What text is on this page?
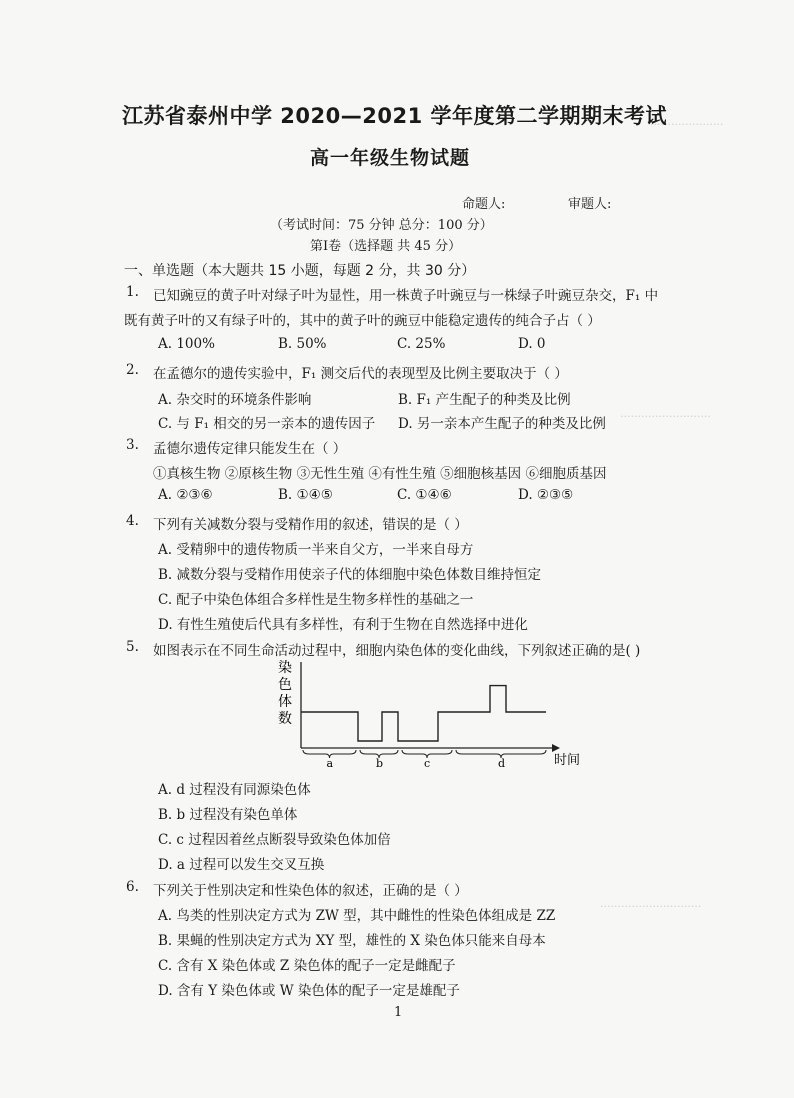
·····················
··························
·····························
江苏省泰州中学 2020—2021 学年度第二学期期末考试
高一年级生物试题
命题人:	审题人:
（考试时间：75 分钟 总分：100 分）
第Ⅰ卷（选择题 共 45 分）
一、单选题（本大题共 15 小题，每题 2 分，共 30 分）
1. 已知豌豆的黄子叶对绿子叶为显性，用一株黄子叶豌豆与一株绿子叶豌豆杂交，F₁ 中
既有黄子叶的又有绿子叶的，其中的黄子叶的豌豆中能稳定遗传的纯合子占（ ）
A. 100%	B. 50%	C. 25%	D. 0
2. 在孟德尔的遗传实验中，F₁ 测交后代的表现型及比例主要取决于（ ）
A. 杂交时的环境条件影响	B. F₁ 产生配子的种类及比例
C. 与 F₁ 相交的另一亲本的遗传因子 D. 另一亲本产生配子的种类及比例
3. 孟德尔遗传定律只能发生在（ ）
①真核生物 ②原核生物 ③无性生殖 ④有性生殖 ⑤细胞核基因 ⑥细胞质基因
A. ②③⑥	B. ①④⑤	C. ①④⑥	D. ②③⑤
4. 下列有关减数分裂与受精作用的叙述，错误的是（ ）
A. 受精卵中的遗传物质一半来自父方，一半来自母方
B. 减数分裂与受精作用使亲子代的体细胞中染色体数目维持恒定
C. 配子中染色体组合多样性是生物多样性的基础之一
D. 有性生殖使后代具有多样性，有利于生物在自然选择中进化
5. 如图表示在不同生命活动过程中，细胞内染色体的变化曲线，下列叙述正确的是( )
染
色
体
数
时间
a	b	c	d
A. d 过程没有同源染色体
B. b 过程没有染色单体
C. c 过程因着丝点断裂导致染色体加倍
D. a 过程可以发生交叉互换
6. 下列关于性别决定和性染色体的叙述，正确的是（ ）
A. 鸟类的性别决定方式为 ZW 型，其中雌性的性染色体组成是 ZZ
B. 果蝇的性别决定方式为 XY 型，雄性的 X 染色体只能来自母本
C. 含有 X 染色体或 Z 染色体的配子一定是雌配子
D. 含有 Y 染色体或 W 染色体的配子一定是雄配子
1
